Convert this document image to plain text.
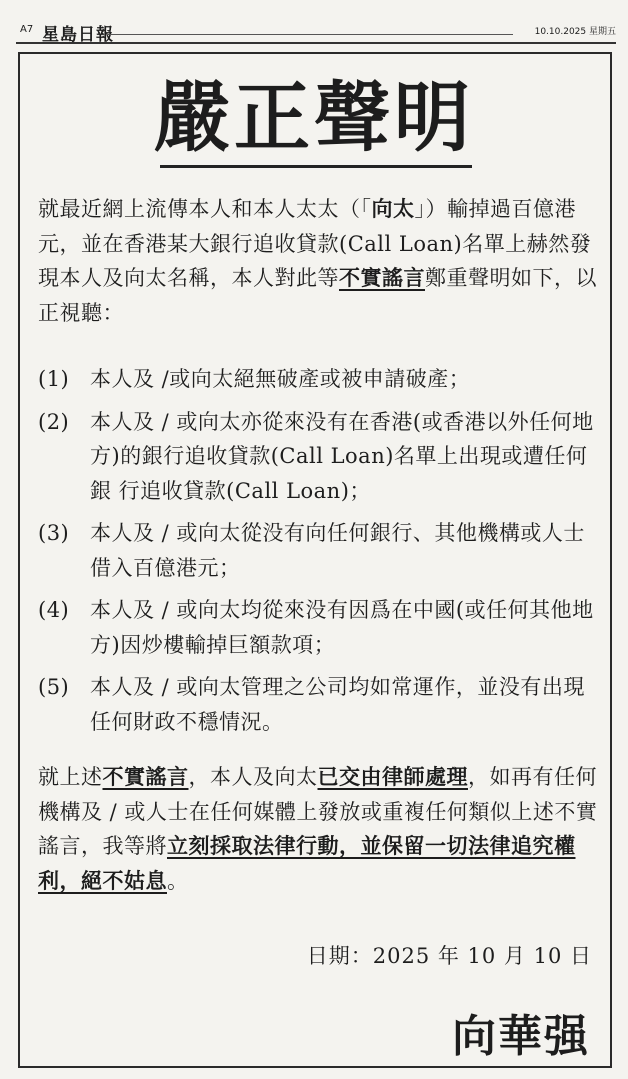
A7 星島日報	10.10.2025 星期五
嚴正聲明
就最近網上流傳本人和本人太太（「向太」）輸掉過百億港元，並在香港某大銀行追收貸款(Call Loan)名單上赫然發現本人及向太名稱，本人對此等不實謠言鄭重聲明如下，以正視聽：
(1) 本人及 /或向太絕無破產或被申請破產；
(2) 本人及 / 或向太亦從來没有在香港(或香港以外任何地方)的銀行追收貸款(Call Loan)名單上出現或遭任何銀 行追收貸款(Call Loan)；
(3) 本人及 / 或向太從没有向任何銀行、其他機構或人士借入百億港元；
(4) 本人及 / 或向太均從來没有因爲在中國(或任何其他地方)因炒樓輸掉巨額款項；
(5) 本人及 / 或向太管理之公司均如常運作，並没有出現任何財政不穩情況。
就上述不實謠言，本人及向太已交由律師處理，如再有任何機構及 / 或人士在任何媒體上發放或重複任何類似上述不實謠言，我等將立刻採取法律行動，並保留一切法律追究權利，絕不姑息。
日期：2025 年 10 月 10 日
向華强
